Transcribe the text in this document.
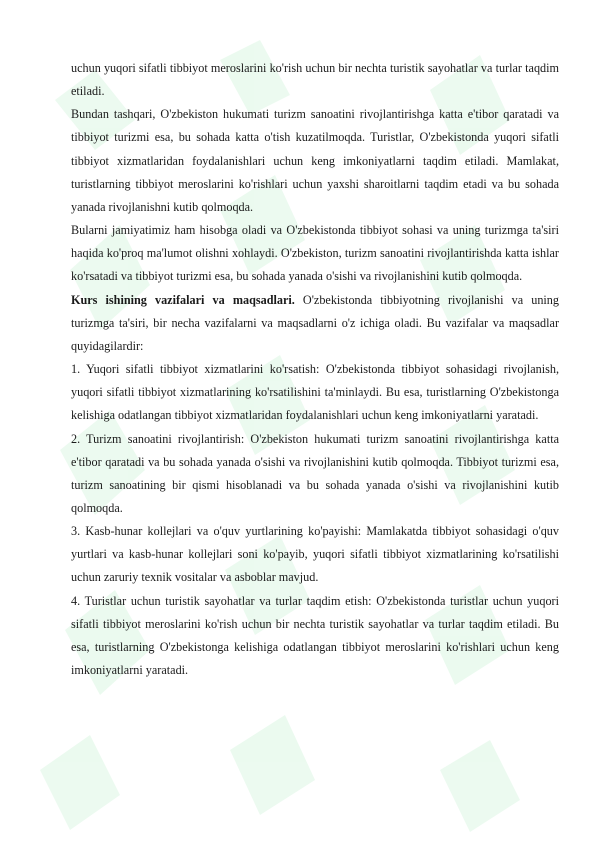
uchun yuqori sifatli tibbiyot meroslarini ko'rish uchun bir nechta turistik sayohatlar va turlar taqdim etiladi.

Bundan tashqari, O'zbekiston hukumati turizm sanoatini rivojlantirishga katta e'tibor qaratadi va tibbiyot turizmi esa, bu sohada katta o'tish kuzatilmoqda. Turistlar, O'zbekistonda yuqori sifatli tibbiyot xizmatlaridan foydalanishlari uchun keng imkoniyatlarni taqdim etiladi. Mamlakat, turistlarning tibbiyot meroslarini ko'rishlari uchun yaxshi sharoitlarni taqdim etadi va bu sohada yanada rivojlanishni kutib qolmoqda.

Bularni jamiyatimiz ham hisobga oladi va O'zbekistonda tibbiyot sohasi va uning turizmga ta'siri haqida ko'proq ma'lumot olishni xohlaydi. O'zbekiston, turizm sanoatini rivojlantirishda katta ishlar ko'rsatadi va tibbiyot turizmi esa, bu sohada yanada o'sishi va rivojlanishini kutib qolmoqda.

Kurs ishining vazifalari va maqsadlari. O'zbekistonda tibbiyotning rivojlanishi va uning turizmga ta'siri, bir necha vazifalarni va maqsadlarni o'z ichiga oladi. Bu vazifalar va maqsadlar quyidagilardir:

1. Yuqori sifatli tibbiyot xizmatlarini ko'rsatish: O'zbekistonda tibbiyot sohasidagi rivojlanish, yuqori sifatli tibbiyot xizmatlarining ko'rsatilishini ta'minlaydi. Bu esa, turistlarning O'zbekistonga kelishiga odatlangan tibbiyot xizmatlaridan foydalanishlari uchun keng imkoniyatlarni yaratadi.

2. Turizm sanoatini rivojlantirish: O'zbekiston hukumati turizm sanoatini rivojlantirishga katta e'tibor qaratadi va bu sohada yanada o'sishi va rivojlanishini kutib qolmoqda. Tibbiyot turizmi esa, turizm sanoatining bir qismi hisoblanadi va bu sohada yanada o'sishi va rivojlanishini kutib qolmoqda.

3. Kasb-hunar kollejlari va o'quv yurtlarining ko'payishi: Mamlakatda tibbiyot sohasidagi o'quv yurtlari va kasb-hunar kollejlari soni ko'payib, yuqori sifatli tibbiyot xizmatlarining ko'rsatilishi uchun zaruriy texnik vositalar va asboblar mavjud.

4. Turistlar uchun turistik sayohatlar va turlar taqdim etish: O'zbekistonda turistlar uchun yuqori sifatli tibbiyot meroslarini ko'rish uchun bir nechta turistik sayohatlar va turlar taqdim etiladi. Bu esa, turistlarning O'zbekistonga kelishiga odatlangan tibbiyot meroslarini ko'rishlari uchun keng imkoniyatlarni yaratadi.
